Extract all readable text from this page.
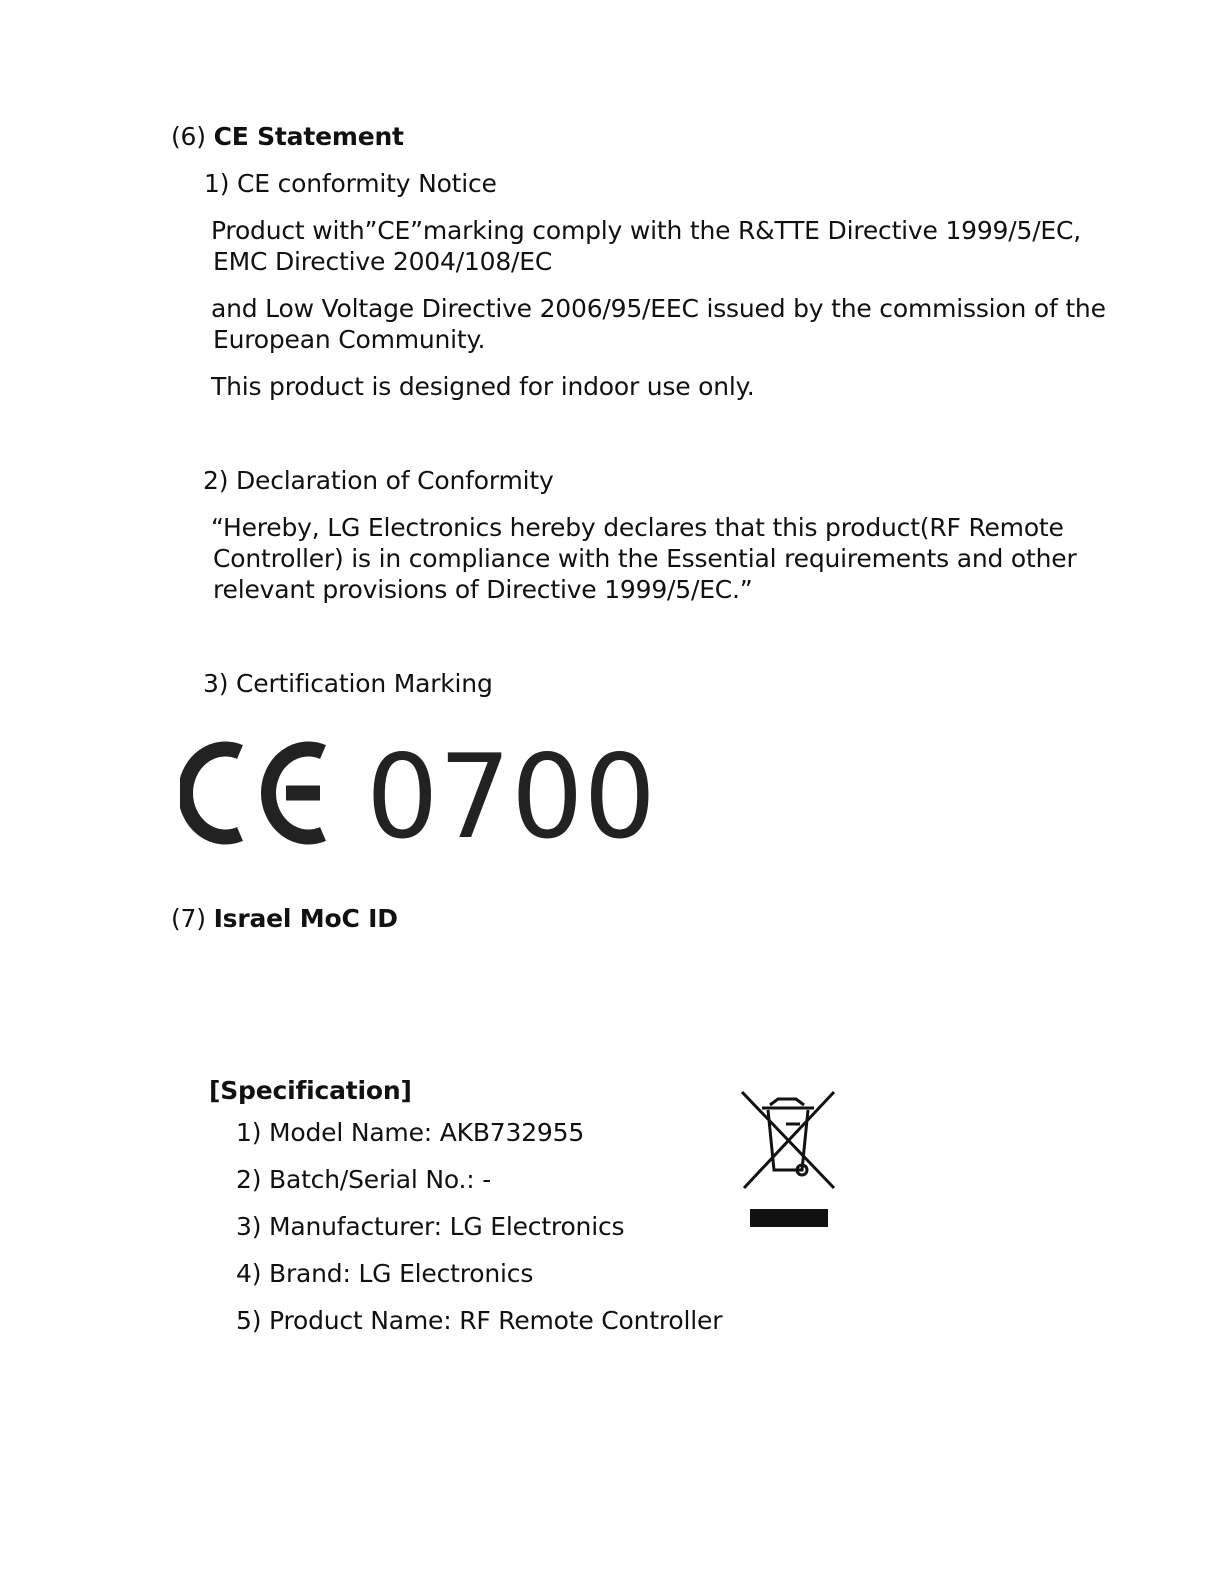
(6) CE Statement
1) CE conformity Notice
Product with”CE”marking comply with the R&TTE Directive 1999/5/EC,
EMC Directive 2004/108/EC
and Low Voltage Directive 2006/95/EEC issued by the commission of the
European Community.
This product is designed for indoor use only.
2) Declaration of Conformity
“Hereby, LG Electronics hereby declares that this product(RF Remote
Controller) is in compliance with the Essential requirements and other
relevant provisions of Directive 1999/5/EC.”
3) Certification Marking
0700
(7) Israel MoC ID
[Specification]
1) Model Name: AKB732955
2) Batch/Serial No.: -
3) Manufacturer: LG Electronics
4) Brand: LG Electronics
5) Product Name: RF Remote Controller
